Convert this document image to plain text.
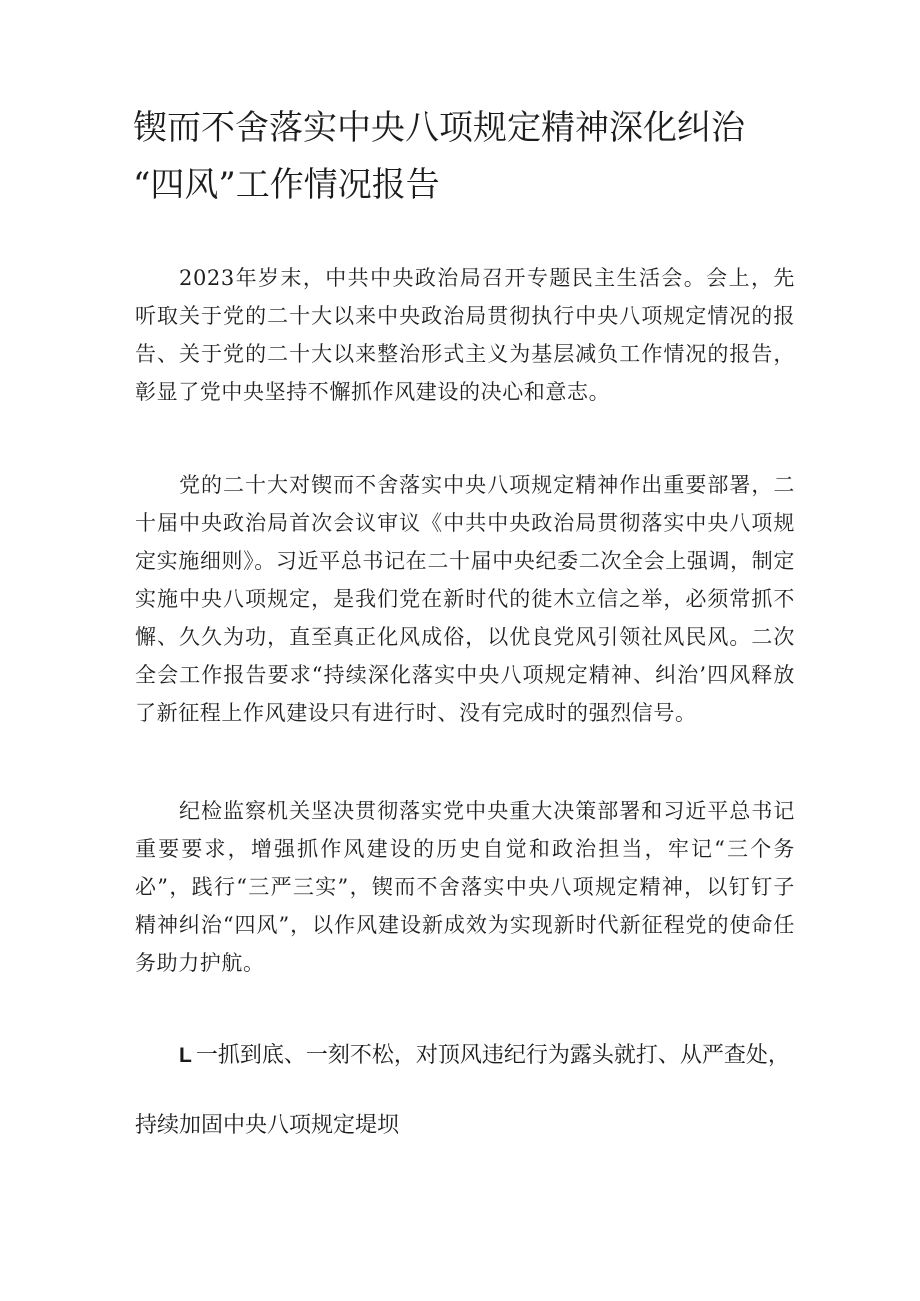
锲而不舍落实中央八项规定精神深化纠治
“四风”工作情况报告

2023年岁末，中共中央政治局召开专题民主生活会。会上，先听取关于党的二十大以来中央政治局贯彻执行中央八项规定情况的报告、关于党的二十大以来整治形式主义为基层减负工作情况的报告，彰显了党中央坚持不懈抓作风建设的决心和意志。

党的二十大对锲而不舍落实中央八项规定精神作出重要部署，二十届中央政治局首次会议审议《中共中央政治局贯彻落实中央八项规定实施细则》。习近平总书记在二十届中央纪委二次全会上强调，制定实施中央八项规定，是我们党在新时代的徙木立信之举，必须常抓不懈、久久为功，直至真正化风成俗，以优良党风引领社风民风。二次全会工作报告要求“持续深化落实中央八项规定精神、纠治’四风释放了新征程上作风建设只有进行时、没有完成时的强烈信号。

纪检监察机关坚决贯彻落实党中央重大决策部署和习近平总书记重要要求，增强抓作风建设的历史自觉和政治担当，牢记“三个务必”，践行“三严三实”，锲而不舍落实中央八项规定精神，以钉钉子精神纠治“四风”，以作风建设新成效为实现新时代新征程党的使命任务助力护航。

L 一抓到底、一刻不松，对顶风违纪行为露头就打、从严查处，
持续加固中央八项规定堤坝
